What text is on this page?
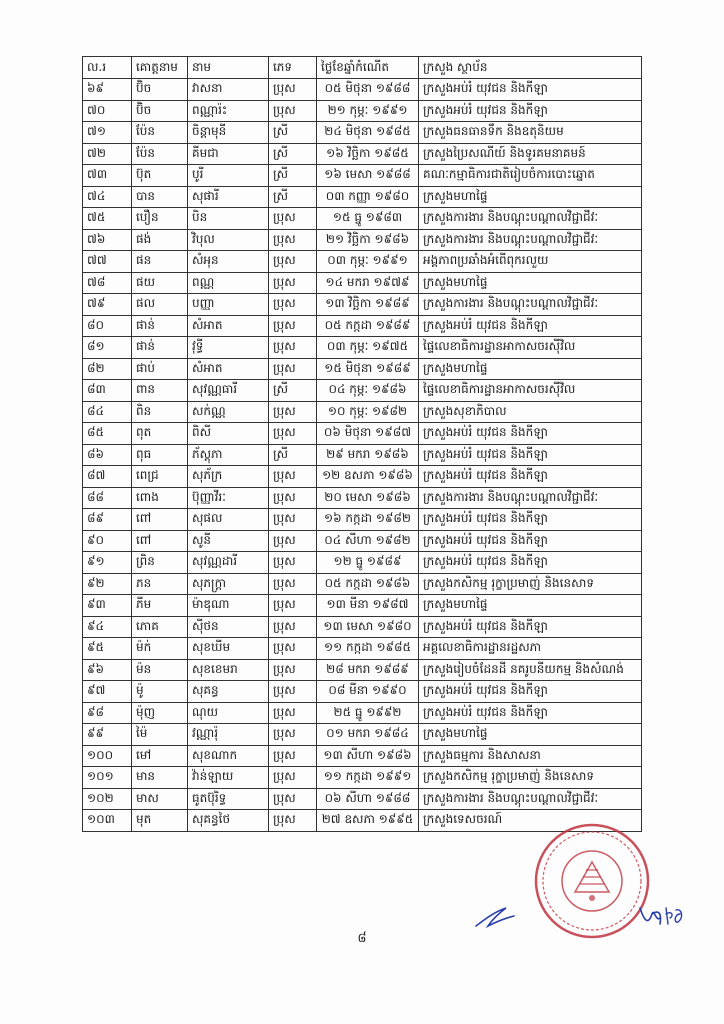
ល.រ	គោត្តនាម	នាម	ភេទ	ថ្ងៃខែឆ្នាំកំណើត	ក្រសួង ស្ថាប័ន
៦៩	ប៊ិច	វាសនា	ប្រុស	០៥ មិថុនា ១៩៨៨	ក្រសួងអប់រំ យុវជន និងកីឡា
៧០	ប៊ិច	ពណ្ណារ៉ះ	ប្រុស	២១ កុម្ភៈ ១៩៩១	ក្រសួងអប់រំ យុវជន និងកីឡា
៧១	ប៉ែន	ចិន្តាមុនី	ស្រី	២៤ មិថុនា ១៩៨៥	ក្រសួងធនធានទឹក និងឧតុនិយម
៧២	ប៉ែន	គីមជា	ស្រី	១៦ វិច្ឆិកា ១៩៨៥	ក្រសួងប្រៃសណីយ៍ និងទូរគមនាគមន៍
៧៣	ប៊ុត	បូរី	ស្រី	១៦ មេសា ១៩៨៨	គណៈកម្មាធិការជាតិរៀបចំការបោះឆ្នោត
៧៤	បាន	សុផារី	ស្រី	០៣ កញ្ញា ១៩៨០	ក្រសួងមហាផ្ទៃ
៧៥	បឿន	បិន	ប្រុស	១៥ ធ្នូ ១៩៨៣	ក្រសួងការងារ និងបណ្តុះបណ្តាលវិជ្ជាជីវៈ
៧៦	ផង់	វិបុល	ប្រុស	២១ វិច្ឆិកា ១៩៨៦	ក្រសួងការងារ និងបណ្តុះបណ្តាលវិជ្ជាជីវៈ
៧៧	ផន	សំអុន	ប្រុស	០៣ កុម្ភៈ ១៩៩១	អង្គភាពប្រឆាំងអំពើពុករលួយ
៧៨	ផយ	ពណ្ណ	ប្រុស	១៤ មករា ១៩៧៩	ក្រសួងមហាផ្ទៃ
៧៩	ផល	បញ្ញា	ប្រុស	១៣ វិច្ឆិកា ១៩៨៩	ក្រសួងការងារ និងបណ្តុះបណ្តាលវិជ្ជាជីវៈ
៨០	ផាន់	សំអាត	ប្រុស	០៥ កក្កដា ១៩៨៩	ក្រសួងអប់រំ យុវជន និងកីឡា
៨១	ផាន់	វុទ្ធី	ប្រុស	០៣ កុម្ភៈ ១៩៧៥	ផ្ទៃលេខាធិការដ្ឋានអាកាសចរស៊ីវិល
៨២	ផាប់	សំអាត	ប្រុស	១៥ មិថុនា ១៩៨៩	ក្រសួងមហាផ្ទៃ
៨៣	ពាន	សុវណ្ណធារី	ស្រី	០៤ កុម្ភៈ ១៩៨៦	ផ្ទៃលេខាធិការដ្ឋានអាកាសចរស៊ីវិល
៨៤	ពិន	សក់ណ្ណ	ប្រុស	១០ កុម្ភៈ ១៩៨២	ក្រសួងសុខាភិបាល
៨៥	ពុត	ពិសី	ប្រុស	០៦ មិថុនា ១៩៨៧	ក្រសួងអប់រំ យុវជន និងកីឡា
៨៦	ពុធ	ភ័ស្តុភា	ស្រី	២៩ មករា ១៩៨៦	ក្រសួងអប់រំ យុវជន និងកីឡា
៨៧	ពេជ្រ	សុភ័ក្រ	ប្រុស	១២ ឧសភា ១៩៨៦	ក្រសួងអប់រំ យុវជន និងកីឡា
៨៨	ពោង	ប៊ុញ្ញាវីរៈ	ប្រុស	២០ មេសា ១៩៨៦	ក្រសួងការងារ និងបណ្តុះបណ្តាលវិជ្ជាជីវៈ
៨៩	ពៅ	សុផល	ប្រុស	១៦ កក្កដា ១៩៨២	ក្រសួងអប់រំ យុវជន និងកីឡា
៩០	ពៅ	សូនី	ប្រុស	០៤ សីហា ១៩៨២	ក្រសួងអប់រំ យុវជន និងកីឡា
៩១	ព្រិន	សុវណ្ណដារី	ប្រុស	១២ ធ្នូ ១៩៨៩	ក្រសួងអប់រំ យុវជន និងកីឡា
៩២	ភន	សុភក្ត្រា	ប្រុស	០៥ កក្កដា ១៩៨៦	ក្រសួងកសិកម្ម រុក្ខាប្រមាញ់ និងនេសាទ
៩៣	ភីម	ម៉ាឌុណា	ប្រុស	១៣ មីនា ១៩៨៧	ក្រសួងមហាផ្ទៃ
៩៤	ភោគ	ស៊ីថន	ប្រុស	១៣ មេសា ១៩៨០	ក្រសួងអប់រំ យុវជន និងកីឡា
៩៥	ម៉ក់	សុខឃីម	ប្រុស	១១ កក្កដា ១៩៨៥	អគ្គលេខាធិការដ្ឋានរដ្ឋសភា
៩៦	ម៉ន	សុខខេមរា	ប្រុស	២៨ មករា ១៩៨៩	ក្រសួងរៀបចំដែនដី នគរូបនីយកម្ម និងសំណង់
៩៧	ម៉ូ	សុគន្ធ	ប្រុស	០៨ មីនា ១៩៩០	ក្រសួងអប់រំ យុវជន និងកីឡា
៩៨	ម៉ុញ	ណុយ	ប្រុស	២៥ ធ្នូ ១៩៩២	ក្រសួងអប់រំ យុវជន និងកីឡា
៩៩	ម៉ៃ	វណ្ណារ៉ុ	ប្រុស	០១ មករា ១៩៨៤	ក្រសួងមហាផ្ទៃ
១០០	មៅ	សុខណាក	ប្រុស	១៣ សីហា ១៩៨៦	ក្រសួងធម្មការ និងសាសនា
១០១	មាន	វ៉ាន់ឡាយ	ប្រុស	១១ កក្កដា ១៩៩១	ក្រសួងកសិកម្ម រុក្ខាប្រមាញ់ និងនេសាទ
១០២	មាស	ធូតប៊ុរិទ្ធ	ប្រុស	០៦ សីហា ១៩៨៨	ក្រសួងការងារ និងបណ្តុះបណ្តាលវិជ្ជាជីវៈ
១០៣	មុត	សុគន្ធថៃ	ប្រុស	២៧ ឧសភា ១៩៩៥	ក្រសួងទេសចរណ៍
៨
